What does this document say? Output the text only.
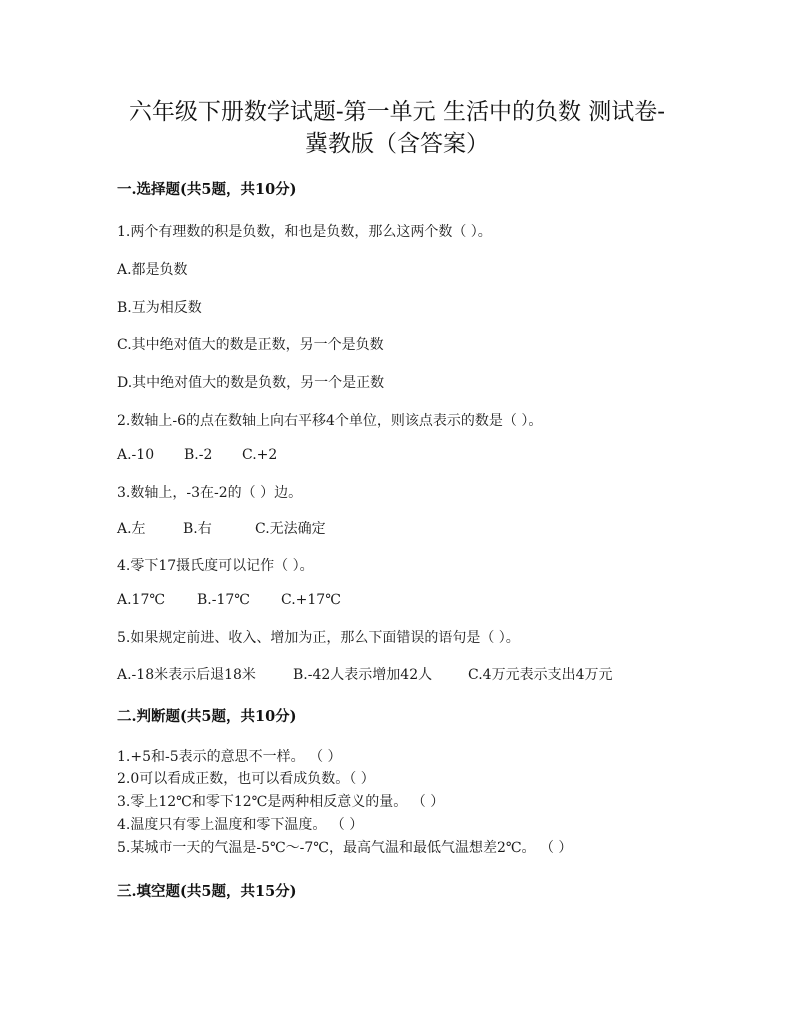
六年级下册数学试题-第一单元 生活中的负数 测试卷-
冀教版（含答案）
一.选择题(共5题，共10分)
1.两个有理数的积是负数，和也是负数，那么这两个数（ ）。
A.都是负数
B.互为相反数
C.其中绝对值大的数是正数，另一个是负数
D.其中绝对值大的数是负数，另一个是正数
2.数轴上-6的点在数轴上向右平移4个单位，则该点表示的数是（ ）。
A.-10 B.-2 C.+2
3.数轴上，-3在-2的（ ）边。
A.左	B.右	C.无法确定
4.零下17摄氏度可以记作（ ）。
A.17℃ B.-17℃ C.+17℃
5.如果规定前进、收入、增加为正，那么下面错误的语句是（ ）。
A.-18米表示后退18米	B.-42人表示增加42人	C.4万元表示支出4万元
二.判断题(共5题，共10分)
1.+5和-5表示的意思不一样。 （ ）
2.0可以看成正数，也可以看成负数。（ ）
3.零上12℃和零下12℃是两种相反意义的量。 （ ）
4.温度只有零上温度和零下温度。 （ ）
5.某城市一天的气温是-5℃～-7℃，最高气温和最低气温想差2℃。 （ ）
三.填空题(共5题，共15分)
